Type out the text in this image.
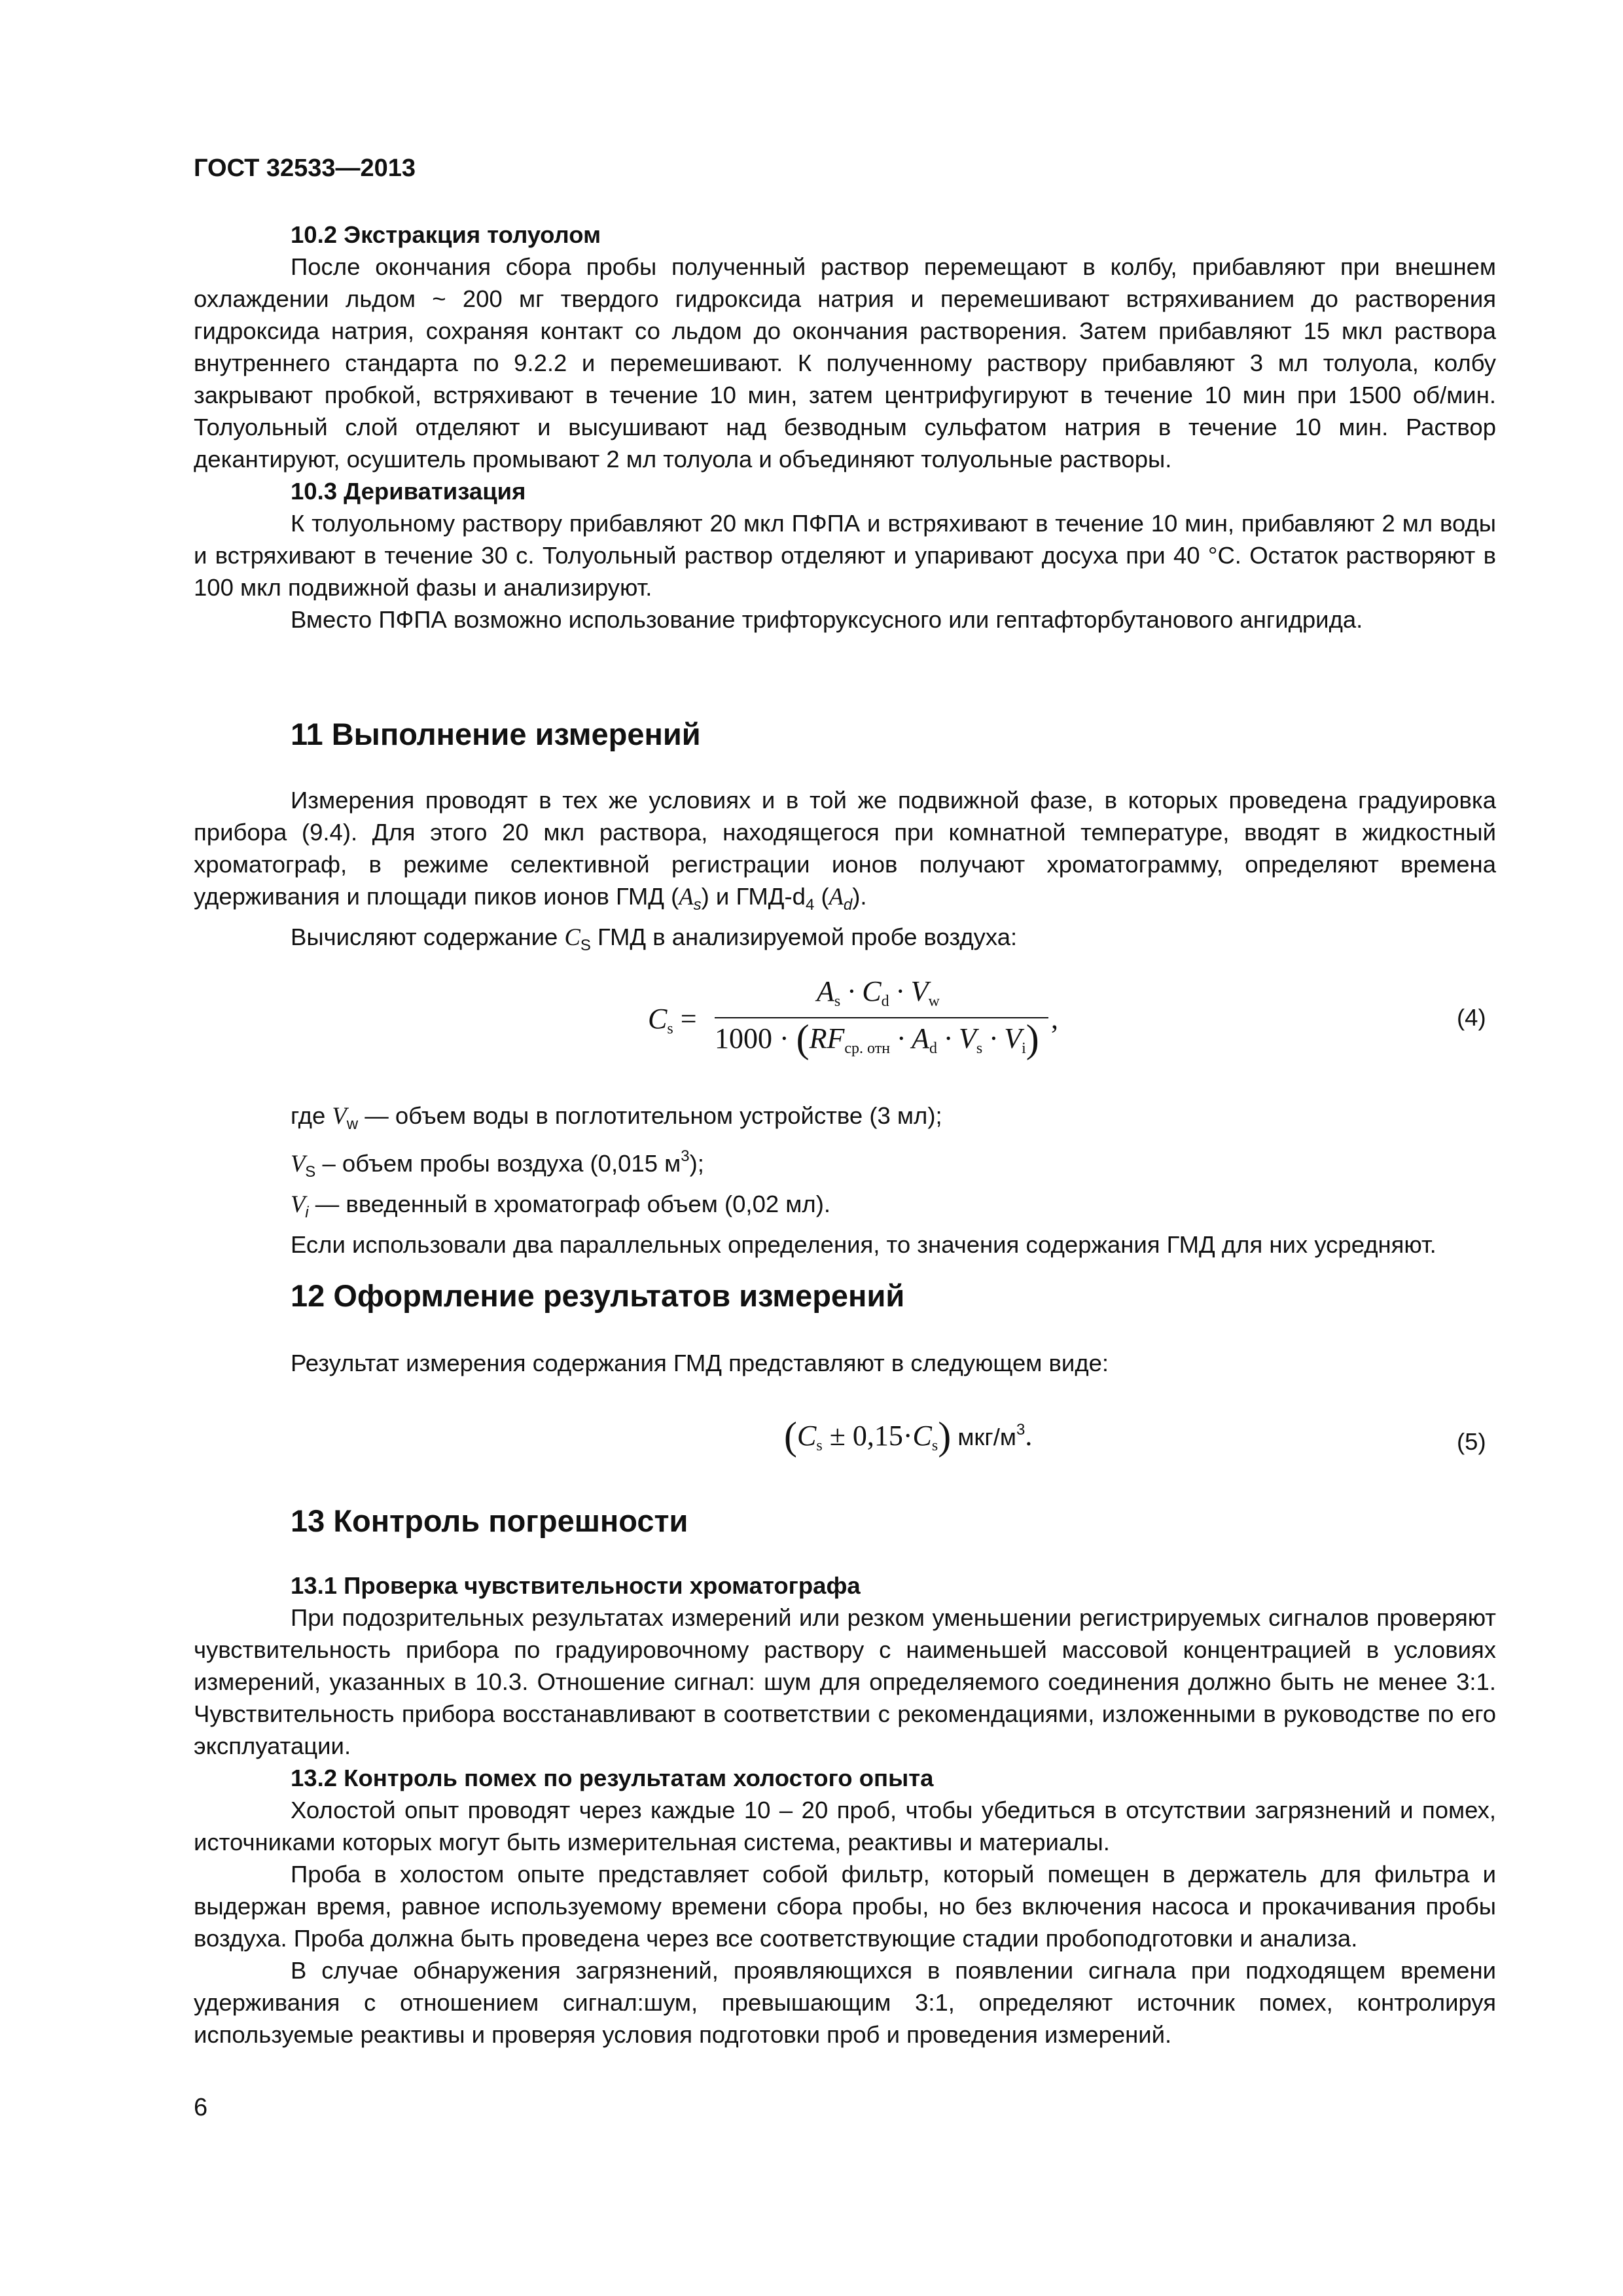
ГОСТ 32533—2013
10.2 Экстракция толуолом
После окончания сбора пробы полученный раствор перемещают в колбу, прибавляют при внешнем охлаждении льдом ~ 200 мг твердого гидроксида натрия и перемешивают встряхиванием до растворения гидроксида натрия, сохраняя контакт со льдом до окончания растворения. Затем прибавляют 15 мкл раствора внутреннего стандарта по 9.2.2 и перемешивают. К полученному раствору прибавляют 3 мл толуола, колбу закрывают пробкой, встряхивают в течение 10 мин, затем центрифугируют в течение 10 мин при 1500 об/мин. Толуольный слой отделяют и высушивают над безводным сульфатом натрия в течение 10 мин. Раствор декантируют, осушитель промывают 2 мл толуола и объединяют толуольные растворы.
10.3 Дериватизация
К толуольному раствору прибавляют 20 мкл ПФПА и встряхивают в течение 10 мин, прибавляют 2 мл воды и встряхивают в течение 30 с. Толуольный раствор отделяют и упаривают досуха при 40 °С. Остаток растворяют в 100 мкл подвижной фазы и анализируют.
Вместо ПФПА возможно использование трифторуксусного или гептафторбутанового ангидрида.
11 Выполнение измерений
Измерения проводят в тех же условиях и в той же подвижной фазе, в которых проведена градуировка прибора (9.4). Для этого 20 мкл раствора, находящегося при комнатной температуре, вводят в жидкостный хроматограф, в режиме селективной регистрации ионов получают хроматограмму, определяют времена удерживания и площади пиков ионов ГМД $(A_s)$ и ГМД-$d_4$ $(A_d)$.
Вычисляют содержание $C_S$ ГМД в анализируемой пробе воздуха:
$C_s$ =
$A_s \cdot C_d \cdot V_w$
$1000 \cdot (RF_{ср. отн} \cdot A_d \cdot V_s \cdot V_i)$ ,	(4)
где $V_w$ — объем воды в поглотительном устройстве (3 мл);
$V_S$ – объем пробы воздуха (0,015 $м^3$);
$V_i$ — введенный в хроматограф объем (0,02 мл).
Если использовали два параллельных определения, то значения содержания ГМД для них усредняют.
12 Оформление результатов измерений
Результат измерения содержания ГМД представляют в следующем виде:
$(C_s \pm 0,15\cdot C_s)$ мкг/$м^3$.	(5)
13 Контроль погрешности
13.1 Проверка чувствительности хроматографа
При подозрительных результатах измерений или резком уменьшении регистрируемых сигналов проверяют чувствительность прибора по градуировочному раствору с наименьшей массовой концентрацией в условиях измерений, указанных в 10.3. Отношение сигнал: шум для определяемого соединения должно быть не менее 3:1. Чувствительность прибора восстанавливают в соответствии с рекомендациями, изложенными в руководстве по его эксплуатации.
13.2 Контроль помех по результатам холостого опыта
Холостой опыт проводят через каждые 10 – 20 проб, чтобы убедиться в отсутствии загрязнений и помех, источниками которых могут быть измерительная система, реактивы и материалы.
Проба в холостом опыте представляет собой фильтр, который помещен в держатель для фильтра и выдержан время, равное используемому времени сбора пробы, но без включения насоса и прокачивания пробы воздуха. Проба должна быть проведена через все соответствующие стадии пробоподготовки и анализа.
В случае обнаружения загрязнений, проявляющихся в появлении сигнала при подходящем времени удерживания с отношением сигнал:шум, превышающим 3:1, определяют источник помех, контролируя используемые реактивы и проверяя условия подготовки проб и проведения измерений.
6
